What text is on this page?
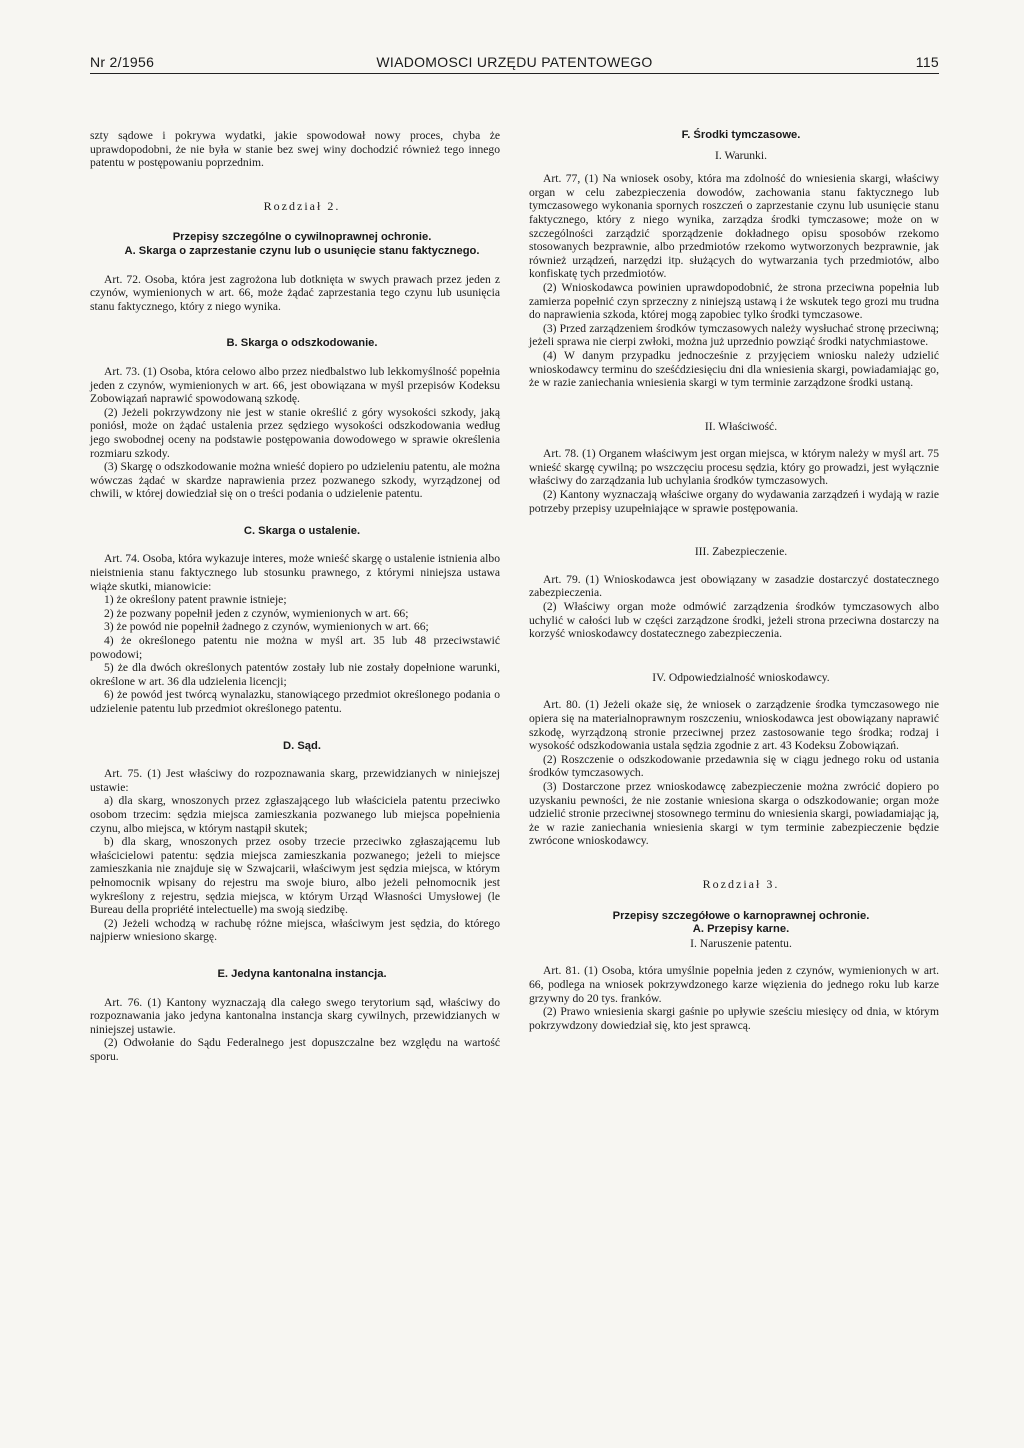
Nr 2/1956	WIADOMOSCI URZĘDU PATENTOWEGO	115

szty sądowe i pokrywa wydatki, jakie spowodował nowy proces, chyba że uprawdopodobni, że nie była w stanie bez swej winy dochodzić również tego innego patentu w postępowaniu poprzednim.

Rozdział 2.

Przepisy szczególne o cywilnoprawnej ochronie.

A. Skarga o zaprzestanie czynu lub o usunięcie stanu faktycznego.

Art. 72. Osoba, która jest zagrożona lub dotknięta w swych prawach przez jeden z czynów, wymienionych w art. 66, może żądać zaprzestania tego czynu lub usunięcia stanu faktycznego, który z niego wynika.

B. Skarga o odszkodowanie.

Art. 73. (1) Osoba, która celowo albo przez niedbalstwo lub lekkomyślność popełnia jeden z czynów, wymienionych w art. 66, jest obowiązana w myśl przepisów Kodeksu Zobowiązań naprawić spowodowaną szkodę.

(2) Jeżeli pokrzywdzony nie jest w stanie określić z góry wysokości szkody, jaką poniósł, może on żądać ustalenia przez sędziego wysokości odszkodowania według jego swobodnej oceny na podstawie postępowania dowodowego w sprawie określenia rozmiaru szkody.

(3) Skargę o odszkodowanie można wnieść dopiero po udzieleniu patentu, ale można wówczas żądać w skardze naprawienia przez pozwanego szkody, wyrządzonej od chwili, w której dowiedział się on o treści podania o udzielenie patentu.

C. Skarga o ustalenie.

Art. 74. Osoba, która wykazuje interes, może wnieść skargę o ustalenie istnienia albo nieistnienia stanu faktycznego lub stosunku prawnego, z którymi niniejsza ustawa wiąże skutki, mianowicie:

1) że określony patent prawnie istnieje;

2) że pozwany popełnił jeden z czynów, wymienionych w art. 66;

3) że powód nie popełnił żadnego z czynów, wymienionych w art. 66;

4) że określonego patentu nie można w myśl art. 35 lub 48 przeciwstawić powodowi;

5) że dla dwóch określonych patentów zostały lub nie zostały dopełnione warunki, określone w art. 36 dla udzielenia licencji;

6) że powód jest twórcą wynalazku, stanowiącego przedmiot określonego podania o udzielenie patentu lub przedmiot określonego patentu.

D. Sąd.

Art. 75. (1) Jest właściwy do rozpoznawania skarg, przewidzianych w niniejszej ustawie:

a) dla skarg, wnoszonych przez zgłaszającego lub właściciela patentu przeciwko osobom trzecim: sędzia miejsca zamieszkania pozwanego lub miejsca popełnienia czynu, albo miejsca, w którym nastąpił skutek;

b) dla skarg, wnoszonych przez osoby trzecie przeciwko zgłaszającemu lub właścicielowi patentu: sędzia miejsca zamieszkania pozwanego; jeżeli to miejsce zamieszkania nie znajduje się w Szwajcarii, właściwym jest sędzia miejsca, w którym pełnomocnik wpisany do rejestru ma swoje biuro, albo jeżeli pełnomocnik jest wykreślony z rejestru, sędzia miejsca, w którym Urząd Własności Umysłowej (le Bureau della propriété intelectuelle) ma swoją siedzibę.

(2) Jeżeli wchodzą w rachubę różne miejsca, właściwym jest sędzia, do którego najpierw wniesiono skargę.

E. Jedyna kantonalna instancja.

Art. 76. (1) Kantony wyznaczają dla całego swego terytorium sąd, właściwy do rozpoznawania jako jedyna kantonalna instancja skarg cywilnych, przewidzianych w niniejszej ustawie.

(2) Odwołanie do Sądu Federalnego jest dopuszczalne bez względu na wartość sporu.

F. Środki tymczasowe.

I. Warunki.

Art. 77, (1) Na wniosek osoby, która ma zdolność do wniesienia skargi, właściwy organ w celu zabezpieczenia dowodów, zachowania stanu faktycznego lub tymczasowego wykonania spornych roszczeń o zaprzestanie czynu lub usunięcie stanu faktycznego, który z niego wynika, zarządza środki tymczasowe; może on w szczególności zarządzić sporządzenie dokładnego opisu sposobów rzekomo stosowanych bezprawnie, albo przedmiotów rzekomo wytworzonych bezprawnie, jak również urządzeń, narzędzi itp. służących do wytwarzania tych przedmiotów, albo konfiskatę tych przedmiotów.

(2) Wnioskodawca powinien uprawdopodobnić, że strona przeciwna popełnia lub zamierza popełnić czyn sprzeczny z niniejszą ustawą i że wskutek tego grozi mu trudna do naprawienia szkoda, której mogą zapobiec tylko środki tymczasowe.

(3) Przed zarządzeniem środków tymczasowych należy wysłuchać stronę przeciwną; jeżeli sprawa nie cierpi zwłoki, można już uprzednio powziąć środki natychmiastowe.

(4) W danym przypadku jednocześnie z przyjęciem wniosku należy udzielić wnioskodawcy terminu do sześćdziesięciu dni dla wniesienia skargi, powiadamiając go, że w razie zaniechania wniesienia skargi w tym terminie zarządzone środki ustaną.

II. Właściwość.

Art. 78. (1) Organem właściwym jest organ miejsca, w którym należy w myśl art. 75 wnieść skargę cywilną; po wszczęciu procesu sędzia, który go prowadzi, jest wyłącznie właściwy do zarządzania lub uchylania środków tymczasowych.

(2) Kantony wyznaczają właściwe organy do wydawania zarządzeń i wydają w razie potrzeby przepisy uzupełniające w sprawie postępowania.

III. Zabezpieczenie.

Art. 79. (1) Wnioskodawca jest obowiązany w zasadzie dostarczyć dostatecznego zabezpieczenia.

(2) Właściwy organ może odmówić zarządzenia środków tymczasowych albo uchylić w całości lub w części zarządzone środki, jeżeli strona przeciwna dostarczy na korzyść wnioskodawcy dostatecznego zabezpieczenia.

IV. Odpowiedzialność wnioskodawcy.

Art. 80. (1) Jeżeli okaże się, że wniosek o zarządzenie środka tymczasowego nie opiera się na materialnoprawnym roszczeniu, wnioskodawca jest obowiązany naprawić szkodę, wyrządzoną stronie przeciwnej przez zastosowanie tego środka; rodzaj i wysokość odszkodowania ustala sędzia zgodnie z art. 43 Kodeksu Zobowiązań.

(2) Roszczenie o odszkodowanie przedawnia się w ciągu jednego roku od ustania środków tymczasowych.

(3) Dostarczone przez wnioskodawcę zabezpieczenie można zwrócić dopiero po uzyskaniu pewności, że nie zostanie wniesiona skarga o odszkodowanie; organ może udzielić stronie przeciwnej stosownego terminu do wniesienia skargi, powiadamiając ją, że w razie zaniechania wniesienia skargi w tym terminie zabezpieczenie będzie zwrócone wnioskodawcy.

Rozdział 3.

Przepisy szczegółowe o karnoprawnej ochronie.

A. Przepisy karne.

I. Naruszenie patentu.

Art. 81. (1) Osoba, która umyślnie popełnia jeden z czynów, wymienionych w art. 66, podlega na wniosek pokrzywdzonego karze więzienia do jednego roku lub karze grzywny do 20 tys. franków.

(2) Prawo wniesienia skargi gaśnie po upływie sześciu miesięcy od dnia, w którym pokrzywdzony dowiedział się, kto jest sprawcą.
